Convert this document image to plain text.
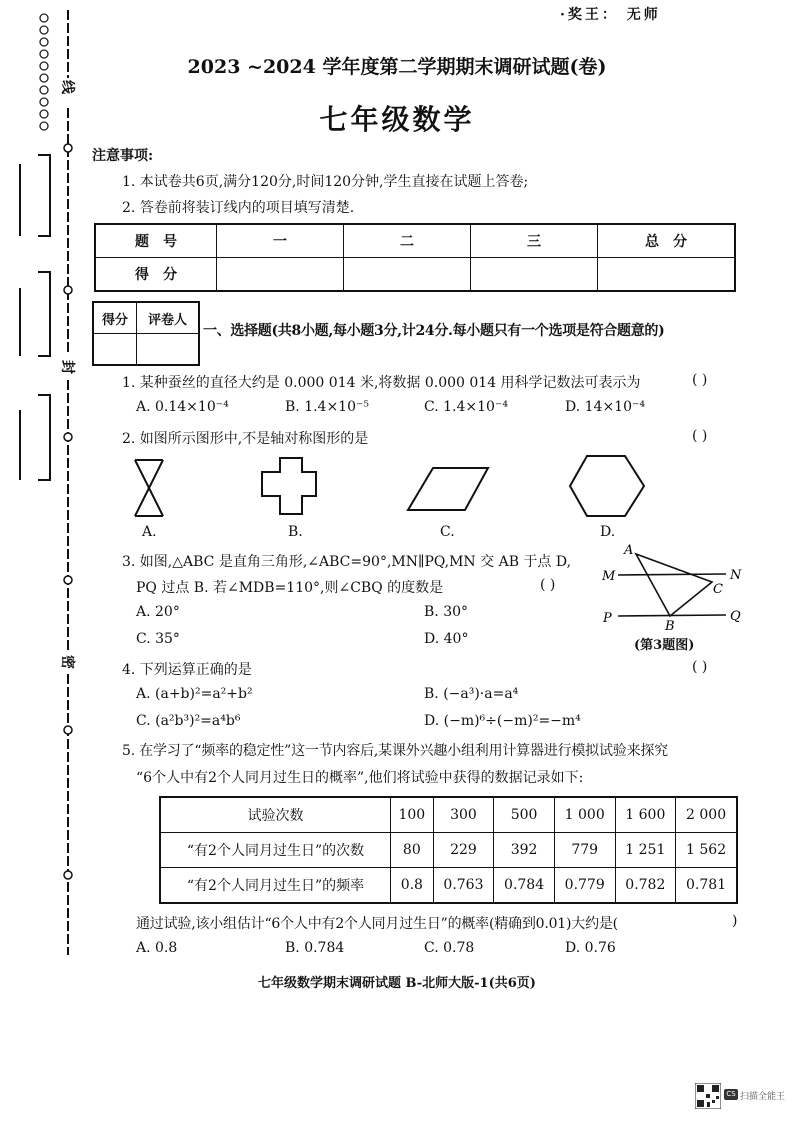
·奖王： 无师
线
封
密
2023 ~2024 学年度第二学期期末调研试题(卷)
七年级数学
注意事项:
1. 本试卷共6页,满分120分,时间120分钟,学生直接在试题上答卷;
2. 答卷前将装订线内的项目填写清楚.
题　号	一	二	三	总　分
得　分				
得分	评卷人

一、选择题(共8小题,每小题3分,计24分.每小题只有一个选项是符合题意的)
1. 某种蚕丝的直径大约是 0.000 014 米,将数据 0.000 014 用科学记数法可表示为	( )
A. 0.14×10⁻⁴	B. 1.4×10⁻⁵	C. 1.4×10⁻⁴	D. 14×10⁻⁴
2. 如图所示图形中,不是轴对称图形的是	( )
A.	B.	C.	D.
3. 如图,△ABC 是直角三角形,∠ABC=90°,MN∥PQ,MN 交 AB 于点 D,
PQ 过点 B. 若∠MDB=110°,则∠CBQ 的度数是	( )
A. 20°	B. 30°
C. 35°	D. 40°
A
M	N
C
P
B
Q
(第3题图)
4. 下列运算正确的是	( )
A. (a+b)²=a²+b²	B. (−a³)·a=a⁴
C. (a²b³)²=a⁴b⁶	D. (−m)⁶÷(−m)²=−m⁴
5. 在学习了“频率的稳定性”这一节内容后,某课外兴趣小组利用计算器进行模拟试验来探究
“6个人中有2个人同月过生日的概率”,他们将试验中获得的数据记录如下:
试验次数	100	300	500	1 000	1 600	2 000
“有2个人同月过生日”的次数	80	229	392	779	1 251	1 562
“有2个人同月过生日”的频率	0.8	0.763	0.784	0.779	0.782	0.781
通过试验,该小组估计“6个人中有2个人同月过生日”的概率(精确到0.01)大约是(	)
A. 0.8	B. 0.784	C. 0.78	D. 0.76
七年级数学期末调研试题 B-北师大版-1(共6页)
CS 扫描全能王
